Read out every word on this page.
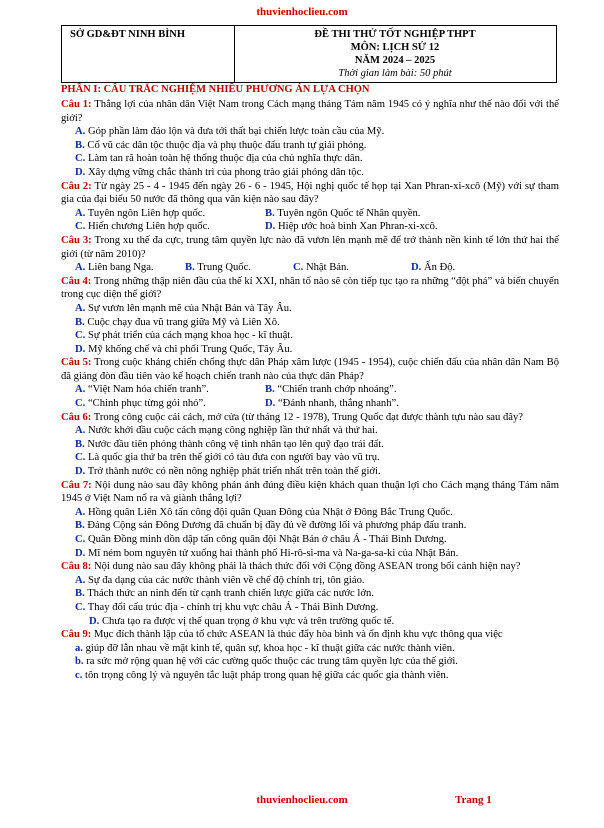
thuvienhoclieu.com
SỞ GD&ĐT NINH BÌNH	ĐỀ THI THỬ TỐT NGHIỆP THPT
MÔN: LỊCH SỬ 12
NĂM 2024 – 2025
Thời gian làm bài: 50 phút
PHẦN I: CÂU TRẮC NGHIỆM NHIỀU PHƯƠNG ÁN LỰA CHỌN

Câu 1: Thắng lợi của nhân dân Việt Nam trong Cách mạng tháng Tám năm 1945 có ý nghĩa như thế nào đối với thế giới?

A. Góp phần làm đảo lộn và đưa tới thất bại chiến lược toàn cầu của Mỹ.

B. Cổ vũ các dân tộc thuộc địa và phụ thuộc đấu tranh tự giải phóng.

C. Làm tan rã hoàn toàn hệ thống thuộc địa của chủ nghĩa thực dân.

D. Xây dựng vững chắc thành trì của phong trào giải phóng dân tộc.

Câu 2: Từ ngày 25 - 4 - 1945 đến ngày 26 - 6 - 1945, Hội nghị quốc tế họp tại Xan Phran-xi-xcô (Mỹ) với sự tham gia của đại biểu 50 nước đã thông qua văn kiện nào sau đây?

A. Tuyên ngôn Liên hợp quốc.	B. Tuyên ngôn Quốc tế Nhân quyền.
C. Hiến chương Liên hợp quốc.	D. Hiệp ước hoà bình Xan Phran-xi-xcô.

Câu 3: Trong xu thế đa cực, trung tâm quyền lực nào đã vươn lên mạnh mẽ để trở thành nền kinh tế lớn thứ hai thế giới (từ năm 2010)?

A. Liên bang Nga.	B. Trung Quốc.	C. Nhật Bản.	D. Ấn Độ.

Câu 4: Trong những thập niên đầu của thế kỉ XXI, nhân tố nào sẽ còn tiếp tục tạo ra những “đột phá” và biến chuyển trong cục diện thế giới?

A. Sự vươn lên mạnh mẽ của Nhật Bản và Tây Âu.

B. Cuộc chạy đua vũ trang giữa Mỹ và Liên Xô.

C. Sự phát triển của cách mạng khoa học - kĩ thuật.

D. Mỹ khống chế và chi phối Trung Quốc, Tây Âu.

Câu 5: Trong cuộc kháng chiến chống thực dân Pháp xâm lược (1945 - 1954), cuộc chiến đấu của nhân dân Nam Bộ đã giáng đòn đầu tiên vào kế hoạch chiến tranh nào của thực dân Pháp?

A. “Việt Nam hóa chiến tranh”.	B. “Chiến tranh chớp nhoáng”.
C. “Chinh phục từng gói nhỏ”.	D. “Đánh nhanh, thắng nhanh”.

Câu 6: Trong công cuộc cải cách, mở cửa (từ tháng 12 - 1978), Trung Quốc đạt được thành tựu nào sau đây?

A. Nước khởi đầu cuộc cách mạng công nghiệp lần thứ nhất và thứ hai.

B. Nước đầu tiên phóng thành công vệ tinh nhân tạo lên quỹ đạo trái đất.

C. Là quốc gia thứ ba trên thế giới có tàu đưa con người bay vào vũ trụ.

D. Trở thành nước có nền nông nghiệp phát triển nhất trên toàn thế giới.

Câu 7: Nội dung nào sau đây không phản ánh đúng điều kiện khách quan thuận lợi cho Cách mạng tháng Tám năm 1945 ở Việt Nam nổ ra và giành thắng lợi?

A. Hồng quân Liên Xô tấn công đội quân Quan Đông của Nhật ở Đông Bắc Trung Quốc.

B. Đảng Cộng sản Đông Dương đã chuẩn bị đầy đủ về đường lối và phương pháp đấu tranh.

C. Quân Đồng minh dồn dập tấn công quân đội Nhật Bản ở châu Á - Thái Bình Dương.

D. Mĩ ném bom nguyên tử xuống hai thành phố Hi-rô-si-ma và Na-ga-sa-ki của Nhật Bản.

Câu 8: Nội dung nào sau đây không phải là thách thức đối với Cộng đồng ASEAN trong bối cảnh hiện nay?

A. Sự đa dạng của các nước thành viên về chế độ chính trị, tôn giáo.

B. Thách thức an ninh đến từ cạnh tranh chiến lược giữa các nước lớn.

C. Thay đổi cấu trúc địa - chính trị khu vực châu Á - Thái Bình Dương.

D. Chưa tạo ra được vị thế quan trọng ở khu vực và trên trường quốc tế.

Câu 9: Mục đích thành lập của tổ chức ASEAN là thúc đẩy hòa bình và ổn định khu vực thông qua việc

a. giúp đỡ lẫn nhau về mặt kinh tế, quân sự, khoa học - kĩ thuật giữa các nước thành viên.

b. ra sức mở rộng quan hệ với các cường quốc thuộc các trung tâm quyền lực của thế giới.

c. tôn trọng công lý và nguyên tắc luật pháp trong quan hệ giữa các quốc gia thành viên.

thuvienhoclieu.com	Trang 1
